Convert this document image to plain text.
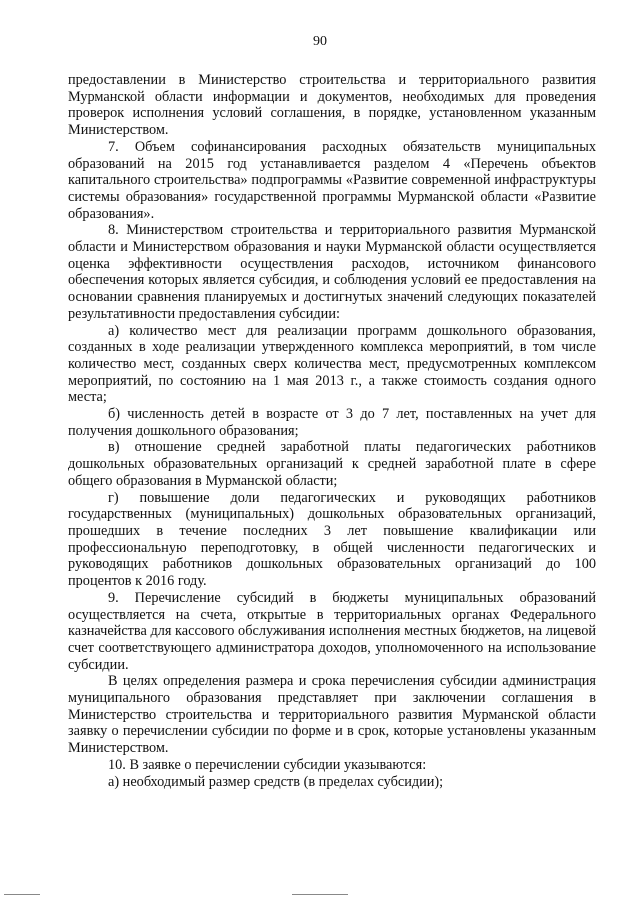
90

предоставлении в Министерство строительства и территориального развития Мурманской области информации и документов, необходимых для проведения проверок исполнения условий соглашения, в порядке, установленном указанным Министерством.

7. Объем софинансирования расходных обязательств муниципальных образований на 2015 год устанавливается разделом 4 «Перечень объектов капитального строительства» подпрограммы «Развитие современной инфраструктуры системы образования» государственной программы Мурманской области «Развитие образования».

8. Министерством строительства и территориального развития Мурманской области и Министерством образования и науки Мурманской области осуществляется оценка эффективности осуществления расходов, источником финансового обеспечения которых является субсидия, и соблюдения условий ее предоставления на основании сравнения планируемых и достигнутых значений следующих показателей результативности предоставления субсидии:

а) количество мест для реализации программ дошкольного образования, созданных в ходе реализации утвержденного комплекса мероприятий, в том числе количество мест, созданных сверх количества мест, предусмотренных комплексом мероприятий, по состоянию на 1 мая 2013 г., а также стоимость создания одного места;

б) численность детей в возрасте от 3 до 7 лет, поставленных на учет для получения дошкольного образования;

в) отношение средней заработной платы педагогических работников дошкольных образовательных организаций к средней заработной плате в сфере общего образования в Мурманской области;

г) повышение доли педагогических и руководящих работников государственных (муниципальных) дошкольных образовательных организаций, прошедших в течение последних 3 лет повышение квалификации или профессиональную переподготовку, в общей численности педагогических и руководящих работников дошкольных образовательных организаций до 100 процентов к 2016 году.

9. Перечисление субсидий в бюджеты муниципальных образований осуществляется на счета, открытые в территориальных органах Федерального казначейства для кассового обслуживания исполнения местных бюджетов, на лицевой счет соответствующего администратора доходов, уполномоченного на использование субсидии.

В целях определения размера и срока перечисления субсидии администрация муниципального образования представляет при заключении соглашения в Министерство строительства и территориального развития Мурманской области заявку о перечислении субсидии по форме и в срок, которые установлены указанным Министерством.

10. В заявке о перечислении субсидии указываются:

а) необходимый размер средств (в пределах субсидии);
